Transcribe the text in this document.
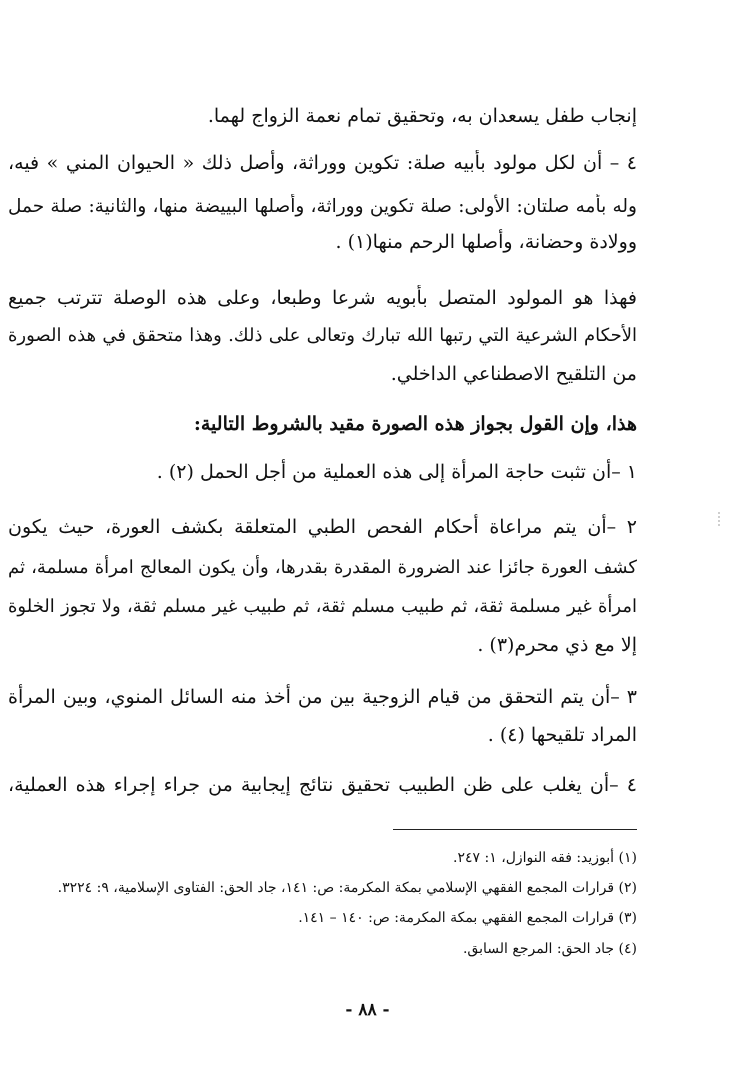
إنجاب طفل يسعدان به، وتحقيق تمام نعمة الزواج لهما.
٤ – أن لكل مولود بأبيه صلة: تكوين ووراثة، وأصل ذلك « الحيوان المني » فيه،
وله بأمه صلتان: الأولى: صلة تكوين ووراثة، وأصلها البييضة منها، والثانية: صلة حمل
وولادة وحضانة، وأصلها الرحم منها(١) .
فهذا هو المولود المتصل بأبويه شرعا وطبعا، وعلى هذه الوصلة تترتب جميع
الأحكام الشرعية التي رتبها الله تبارك وتعالى على ذلك. وهذا متحقق في هذه الصورة
من التلقيح الاصطناعي الداخلي.
هذا، وإن القول بجواز هذه الصورة مقيد بالشروط التالية:
١ –أن تثبت حاجة المرأة إلى هذه العملية من أجل الحمل (٢) .
٢ –أن يتم مراعاة أحكام الفحص الطبي المتعلقة بكشف العورة، حيث يكون
كشف العورة جائزا عند الضرورة المقدرة بقدرها، وأن يكون المعالج امرأة مسلمة، ثم
امرأة غير مسلمة ثقة، ثم طبيب مسلم ثقة، ثم طبيب غير مسلم ثقة، ولا تجوز الخلوة
إلا مع ذي محرم(٣) .
٣ –أن يتم التحقق من قيام الزوجية بين من أخذ منه السائل المنوي، وبين المرأة
المراد تلقيحها (٤) .
٤ –أن يغلب على ظن الطبيب تحقيق نتائج إيجابية من جراء إجراء هذه العملية،
(١) أبوزيد: فقه النوازل، ١: ٢٤٧.
(٢) قرارات المجمع الفقهي الإسلامي بمكة المكرمة: ص: ١٤١، جاد الحق: الفتاوى الإسلامية، ٩: ٣٢٢٤.
(٣) قرارات المجمع الفقهي بمكة المكرمة: ص: ١٤٠ – ١٤١.
(٤) جاد الحق: المرجع السابق.
- ٨٨ -
